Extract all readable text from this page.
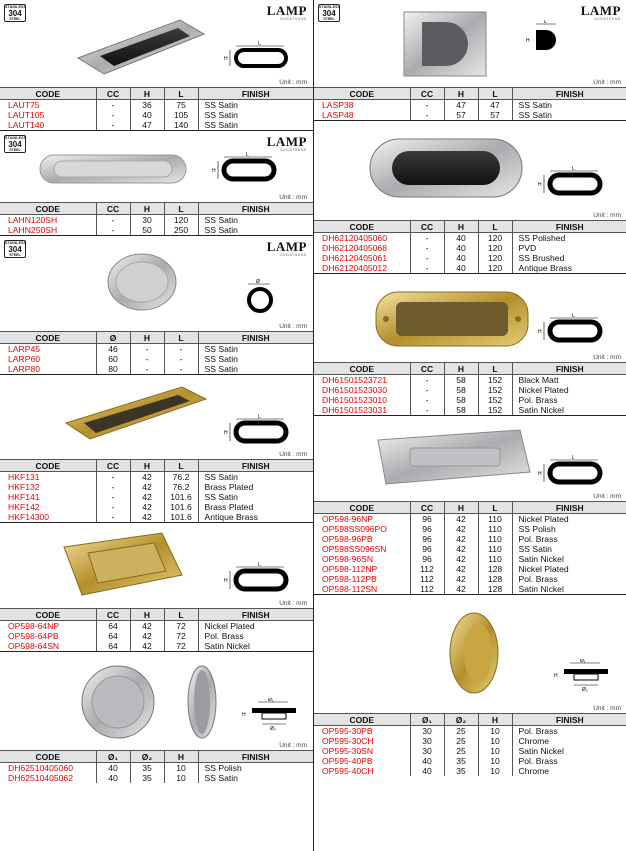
STAINLESS
304
STEEL
LAMP
SUGATSUNE
L
H
Unit : mm
CODE	CC	H	L	FINISH
LAUT75	-	36	75	SS Satin
LAUT105	-	40	105	SS Satin
LAUT140	-	47	140	SS Satin
STAINLESS
304
STEEL
LAMP
SUGATSUNE
L
H
Unit : mm
CODE	CC	H	L	FINISH
LAHN120SH	-	30	120	SS Satin
LAHN250SH	-	50	250	SS Satin
STAINLESS
304
STEEL
LAMP
SUGATSUNE
Ø
Unit : mm
CODE	Ø	H	L	FINISH
LARP45	46	-	-	SS Satin
LARP60	60	-	-	SS Satin
LARP80	80	-	-	SS Satin
L
H
Unit : mm
CODE	CC	H	L	FINISH
HKF131	-	42	76.2	SS Satin
HKF132	-	42	76.2	Brass Plated
HKF141	-	42	101.6	SS Satin
HKF142	-	42	101.6	Brass Plated
HKF14300	-	42	101.6	Antique Brass
L
H
Unit : mm
CODE	CC	H	L	FINISH
OP598-64NP	64	42	72	Nickel Plated
OP598-64PB	64	42	72	Pol. Brass
OP598-64SN	64	42	72	Satin Nickel
Ø₁
Ø₂
H
Unit : mm
CODE	Ø₁	Ø₂	H	FINISH
DH62510405060	40	35	10	SS Polish
DH62510405062	40	35	10	SS Satin
STAINLESS
304
STEEL
LAMP
SUGATSUNE
L
H
Unit : mm
CODE	CC	H	L	FINISH
LASP38	-	47	47	SS Satin
LASP48	-	57	57	SS Satin
L
H
Unit : mm
CODE	CC	H	L	FINISH
DH62120405060	-	40	120	SS Polished
DH62120405068	-	40	120	PVD
DH62120405061	-	40	120	SS Brushed
DH62120405012	-	40	120	Antique Brass
L
H
Unit : mm
CODE	CC	H	L	FINISH
DH61501523721	-	58	152	Black Matt
DH61501523030	-	58	152	Nickel Plated
DH61501523010	-	58	152	Pol. Brass
DH61501523031	-	58	152	Satin Nickel
L
H
Unit : mm
CODE	CC	H	L	FINISH
OP598-96NP	96	42	110	Nickel Plated
OP598SS096PO	96	42	110	SS Polish
OP598-96PB	96	42	110	Pol. Brass
OP598SS096SN	96	42	110	SS Satin
OP598-96SN	96	42	110	Satin Nickel
OP598-112NP	112	42	128	Nickel Plated
OP598-112PB	112	42	128	Pol. Brass
OP598-112SN	112	42	128	Satin Nickel
Ø₁
Ø₂
H
Unit : mm
CODE	Ø₁	Ø₂	H	FINISH
OP595-30PB	30	25	10	Pol. Brass
OP595-30CH	30	25	10	Chrome
OP595-30SN	30	25	10	Satin Nickel
OP595-40PB	40	35	10	Pol. Brass
OP595-40CH	40	35	10	Chrome
